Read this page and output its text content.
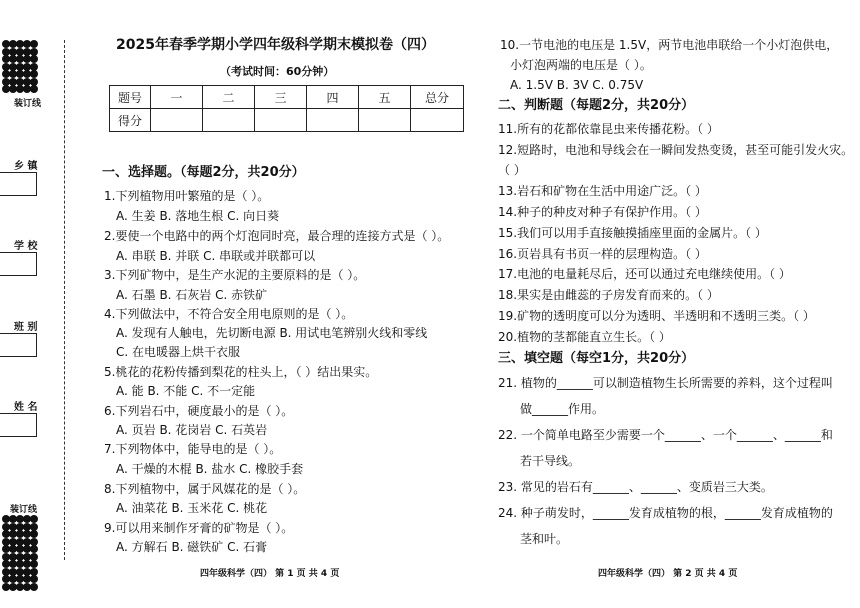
装订线
装订线
乡 镇
学 校
班 别
姓 名
2025年春季学期小学四年级科学期末模拟卷（四）
（考试时间：60分钟）
题号	一	二	三	四	五	总分
得分						
一、选择题。（每题2分，共20分）
1.下列植物用叶繁殖的是（ ）。
A. 生姜 B. 落地生根 C. 向日葵
2.要使一个电路中的两个灯泡同时亮，最合理的连接方式是（ ）。
A. 串联 B. 并联 C. 串联或并联都可以
3.下列矿物中，是生产水泥的主要原料的是（ ）。
A. 石墨 B. 石灰岩 C. 赤铁矿
4.下列做法中，不符合安全用电原则的是（ ）。
A. 发现有人触电，先切断电源 B. 用试电笔辨别火线和零线
C. 在电暖器上烘干衣服
5.桃花的花粉传播到梨花的柱头上，（ ）结出果实。
A. 能 B. 不能 C. 不一定能
6.下列岩石中，硬度最小的是（ ）。
A. 页岩 B. 花岗岩 C. 石英岩
7.下列物体中，能导电的是（ ）。
A. 干燥的木棍 B. 盐水 C. 橡胶手套
8.下列植物中，属于风媒花的是（ ）。
A. 油菜花 B. 玉米花 C. 桃花
9.可以用来制作牙膏的矿物是（ ）。
A. 方解石 B. 磁铁矿 C. 石膏
四年级科学（四） 第 1 页 共 4 页
10.一节电池的电压是 1.5V，两节电池串联给一个小灯泡供电，
小灯泡两端的电压是（ ）。
A. 1.5V B. 3V C. 0.75V
二、判断题（每题2分，共20分）
11.所有的花都依靠昆虫来传播花粉。（ ）
12.短路时，电池和导线会在一瞬间发热变烫，甚至可能引发火灾。
（ ）
13.岩石和矿物在生活中用途广泛。（ ）
14.种子的种皮对种子有保护作用。（ ）
15.我们可以用手直接触摸插座里面的金属片。（ ）
16.页岩具有书页一样的层理构造。（ ）
17.电池的电量耗尽后，还可以通过充电继续使用。（ ）
18.果实是由雌蕊的子房发育而来的。（ ）
19.矿物的透明度可以分为透明、半透明和不透明三类。（ ）
20.植物的茎都能直立生长。（ ）
三、填空题（每空1分，共20分）
21. 植物的______可以制造植物生长所需要的养料，这个过程叫
做______作用。
22. 一个简单电路至少需要一个______、一个______、______和
若干导线。
23. 常见的岩石有______、______、变质岩三大类。
24. 种子萌发时，______发育成植物的根，______发育成植物的
茎和叶。
四年级科学（四） 第 2 页 共 4 页
